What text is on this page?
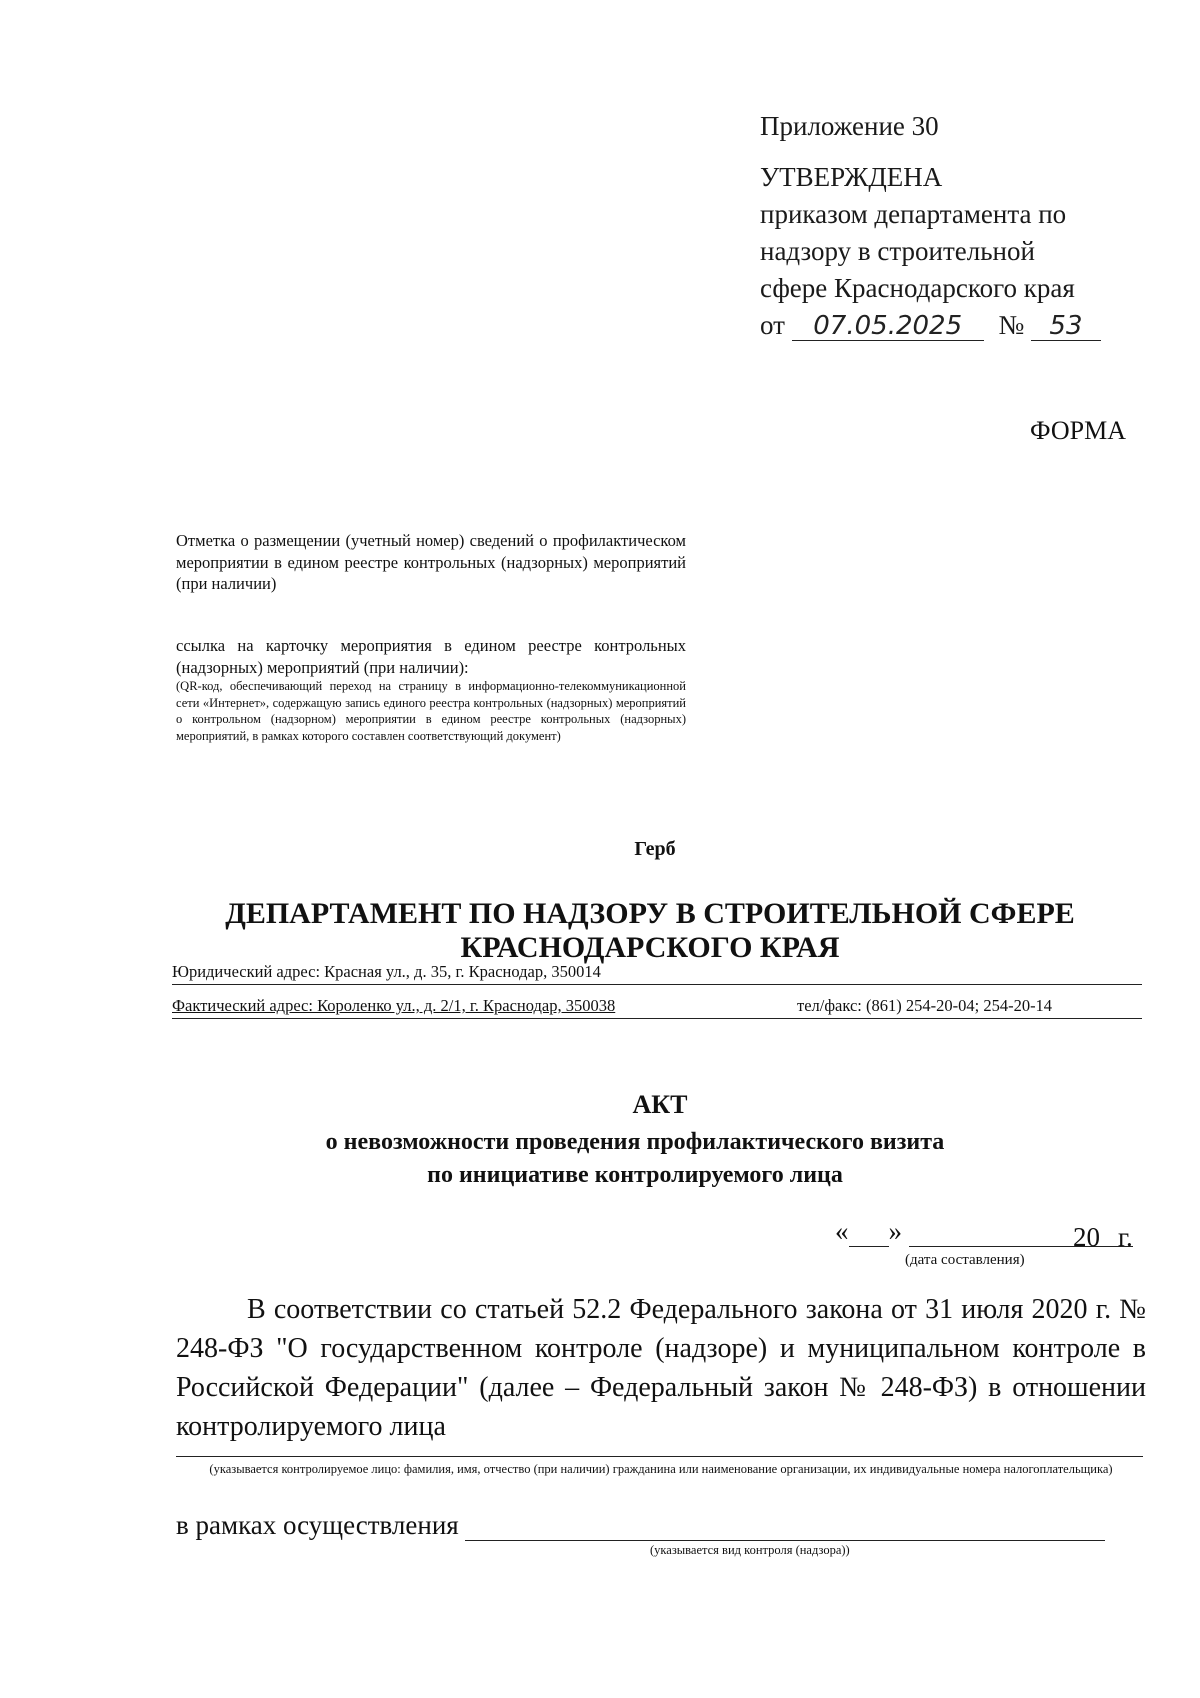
Приложение 30
УТВЕРЖДЕНА
приказом департамента по
надзору в строительной
сфере Краснодарского края
от 07.05.2025 № 53
ФОРМА
Отметка о размещении (учетный номер) сведений о профилактическом мероприятии в едином реестре контрольных (надзорных) мероприятий (при наличии)
ссылка на карточку мероприятия в едином реестре контрольных (надзорных) мероприятий (при наличии):
(QR-код, обеспечивающий переход на страницу в информационно-телекоммуникационной сети «Интернет», содержащую запись единого реестра контрольных (надзорных) мероприятий о контрольном (надзорном) мероприятии в едином реестре контрольных (надзорных) мероприятий, в рамках которого составлен соответствующий документ)
Герб
ДЕПАРТАМЕНТ ПО НАДЗОРУ В СТРОИТЕЛЬНОЙ СФЕРЕ
КРАСНОДАРСКОГО КРАЯ
Юридический адрес: Красная ул., д. 35, г. Краснодар, 350014
Фактический адрес: Короленко ул., д. 2/1, г. Краснодар, 350038	тел/факс: (861) 254-20-04; 254-20-14
АКТ
о невозможности проведения профилактического визита
по инициативе контролируемого лица
« »	20 г.
(дата составления)
В соответствии со статьей 52.2 Федерального закона от 31 июля 2020 г. № 248-ФЗ "О государственном контроле (надзоре) и муниципальном контроле в Российской Федерации" (далее – Федеральный закон № 248-ФЗ) в отношении контролируемого лица
(указывается контролируемое лицо: фамилия, имя, отчество (при наличии) гражданина или наименование организации, их индивидуальные номера налогоплательщика)
в рамках осуществления
(указывается вид контроля (надзора))
